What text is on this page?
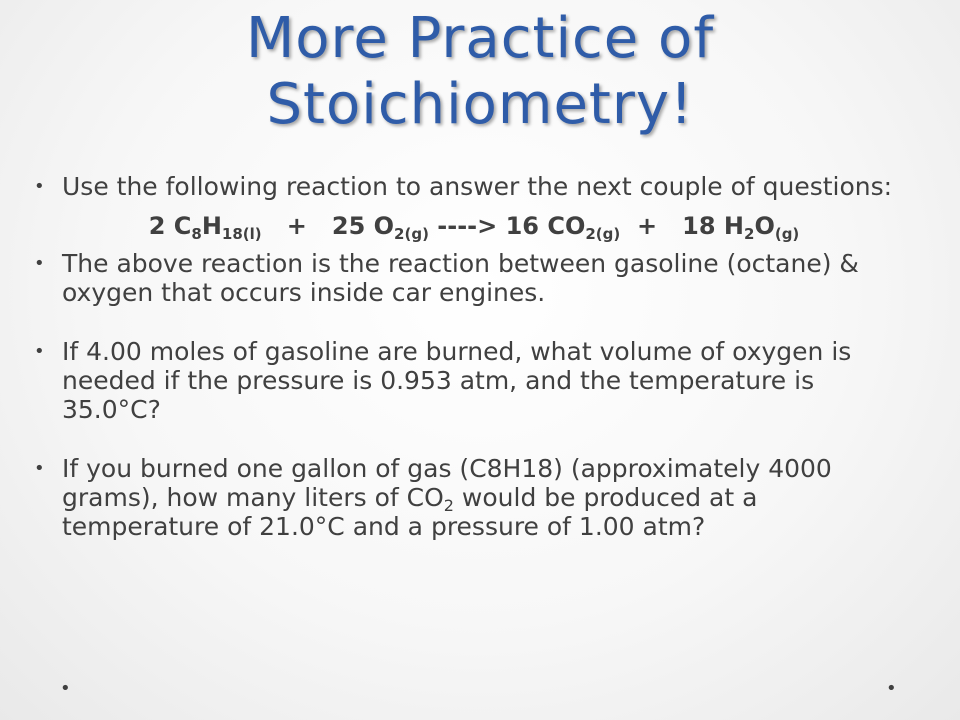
More Practice of
Stoichiometry!
• Use the following reaction to answer the next couple of questions:
2 $C_8H_{18(l)} + 25$ $O_{2(g)}$ ----> 16 $CO_{2(g)} + 18$ $H_2O_{(g)}$
• The above reaction is the reaction between gasoline (octane) & oxygen that occurs inside car engines.
• If 4.00 moles of gasoline are burned, what volume of oxygen is needed if the pressure is 0.953 atm, and the temperature is 35.0°C?
• If you burned one gallon of gas (C8H18) (approximately 4000 grams), how many liters of $CO_2$ would be produced at a temperature of 21.0°C and a pressure of 1.00 atm?
•	•
